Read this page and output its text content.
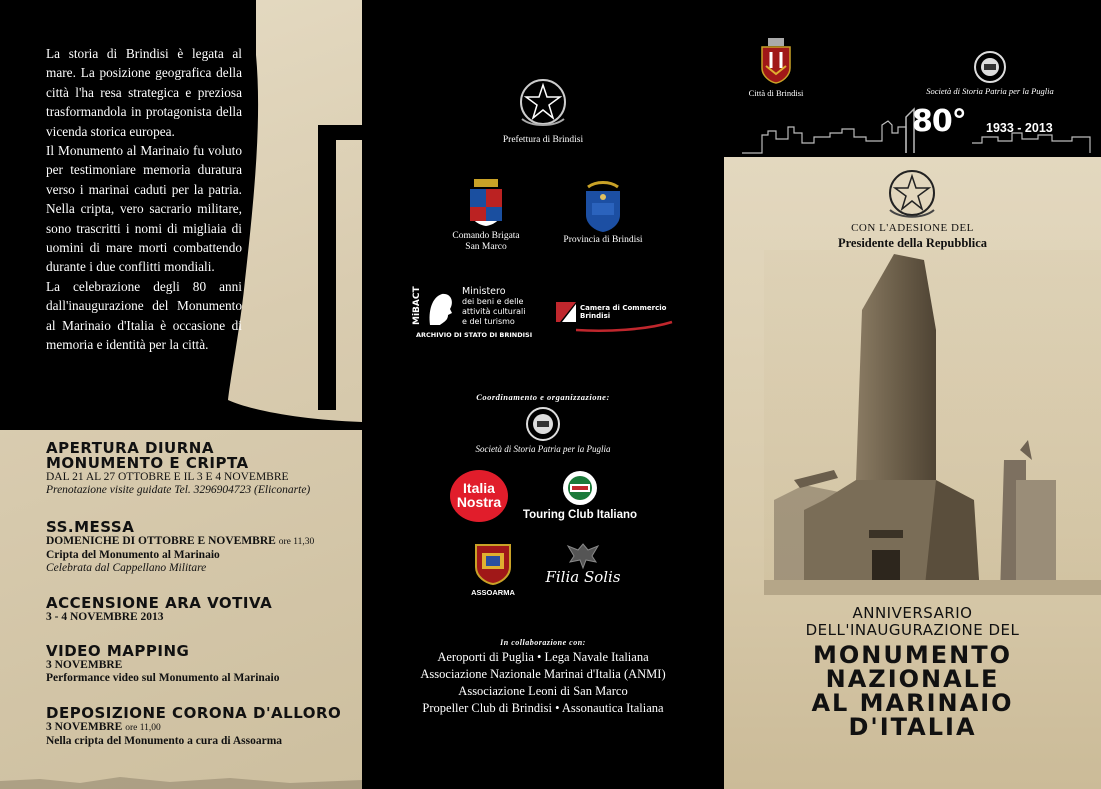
La storia di Brindisi è legata al mare. La posizione geografica della città l'ha resa strategica e preziosa trasformandola in protagonista della vicenda storica europea.

Il Monumento al Marinaio fu voluto per testimoniare memoria duratura verso i marinai caduti per la patria. Nella cripta, vero sacrario militare, sono trascritti i nomi di migliaia di uomini di mare morti combattendo durante i due conflitti mondiali.

La celebrazione degli 80 anni dall'inaugurazione del Monumento al Marinaio d'Italia è occasione di memoria e identità per la città.

APERTURA DIURNA
MONUMENTO E CRIPTA
DAL 21 AL 27 OTTOBRE E IL 3 E 4 NOVEMBRE
Prenotazione visite guidate Tel. 3296904723 (Eliconarte)
SS.MESSA
DOMENICHE DI OTTOBRE E NOVEMBRE ore 11,30
Cripta del Monumento al Marinaio
Celebrata dal Cappellano Militare
ACCENSIONE ARA VOTIVA
3 - 4 NOVEMBRE 2013
VIDEO MAPPING
3 NOVEMBRE
Performance video sul Monumento al Marinaio
DEPOSIZIONE CORONA D'ALLORO
3 NOVEMBRE ore 11,00
Nella cripta del Monumento a cura di Assoarma
Prefettura di Brindisi
Comando Brigata
San Marco
Provincia di Brindisi
MiBACT	Ministero
dei beni e delle
attività culturali
e del turismo
ARCHIVIO DI STATO DI BRINDISI
Camera di Commercio
Brindisi
Coordinamento e organizzazione:
Società di Storia Patria per la Puglia
Italia
Nostra
Touring Club Italiano
ASSOARMA
Filia Solis
In collaborazione con:
Aeroporti di Puglia • Lega Navale Italiana
Associazione Nazionale Marinai d'Italia (ANMI)
Associazione Leoni di San Marco
Propeller Club di Brindisi • Assonautica Italiana
Città di Brindisi	Società di Storia Patria per la Puglia
80° 1933 - 2013
CON L'ADESIONE DEL
Presidente della Repubblica
ANNIVERSARIO
DELL'INAUGURAZIONE DEL
MONUMENTO
NAZIONALE
AL MARINAIO
D'ITALIA
